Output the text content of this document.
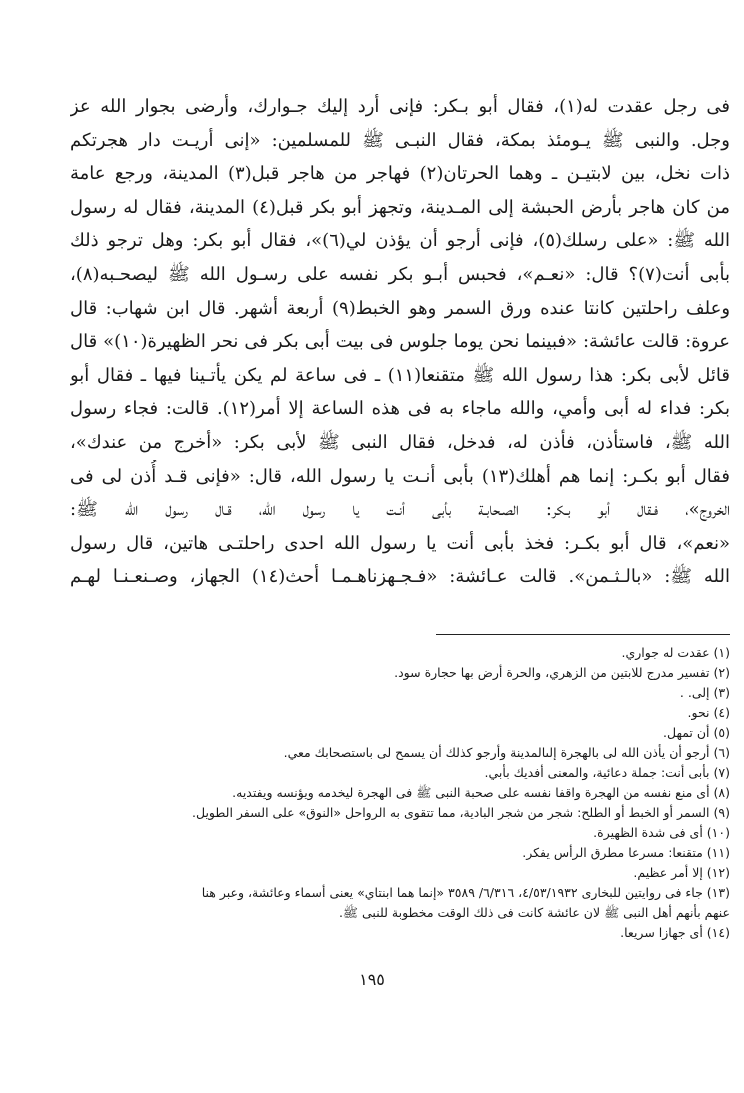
فى رجل عقدت له(١)، فقال أبو بـكر: فإنى أرد إليك جـوارك، وأرضى بجوار الله عز
وجل. والنبى ﷺ يـومئذ بمكة، فقال النبـى ﷺ للمسلمين: «إنى أريـت دار هجرتكم
ذات نخل، بين لابتيـن ـ وهما الحرتان(٢) فهاجر من هاجر قبل(٣) المدينة، ورجع عامة
من كان هاجر بأرض الحبشة إلى المـدينة، وتجهز أبو بكر قبل(٤) المدينة، فقال له رسول
الله ﷺ: «على رسلك(٥)، فإنى أرجو أن يؤذن لي(٦)»، فقال أبو بكر: وهل ترجو ذلك
بأبى أنت(٧)؟ قال: «نعـم»، فحبس أبـو بكر نفسه على رسـول الله ﷺ ليصحـبه(٨)،
وعلف راحلتين كانتا عنده ورق السمر وهو الخبط(٩) أربعة أشهر. قال ابن شهاب: قال
عروة: قالت عائشة: «فبينما نحن يوما جلوس فى بيت أبى بكر فى نحر الظهيرة(١٠)» قال
قائل لأبى بكر: هذا رسول الله ﷺ متقنعا(١١) ـ فى ساعة لم يكن يأتـينا فيها ـ فقال أبو
بكر: فداء له أبى وأمي، والله ماجاء به فى هذه الساعة إلا أمر(١٢). قالت: فجاء رسول
الله ﷺ، فاستأذن، فأذن له، فدخل، فقال النبى ﷺ لأبى بكر: «أخرج من عندك»،
فقال أبو بكـر: إنما هم أهلك(١٣) بأبى أنـت يا رسول الله، قال: «فإنى قـد أُذن لى فى
الخروج»، فـقال أبو بـكر: الصـحابـة بأبى أنـت يا رسول الله، قـال رسول الله ﷺ:
«نعم»، قال أبو بكـر: فخذ بأبى أنت يا رسول الله احدى راحلتـى هاتين، قال رسول
الله ﷺ: «بالـثـمن». قالت عـائشة: «فـجـهزناهـمـا أحث(١٤) الجهاز، وصـنعـنـا لهـم
(١) عقدت له جواري.
(٢) تفسير مدرج للابتين من الزهري، والحرة أرض بها حجارة سود.
(٣) إلى. .
(٤) نحو.
(٥) أن تمهل.
(٦) أرجو أن يأذن الله لى بالهجرة إلىالمدينة وأرجو كذلك أن يسمح لى باستصحابك معي.
(٧) بأبى أنت: جملة دعائية، والمعنى أفديك بأبي.
(٨) أى منع نفسه من الهجرة واقفا نفسه على صحبة النبى ﷺ فى الهجرة ليخدمه ويؤنسه ويفتديه.
(٩) السمر أو الخبط أو الطلح: شجر من شجر البادية، مما تتقوى به الرواحل «النوق» على السفر الطويل.
(١٠) أى فى شدة الظهيرة.
(١١) متقنعا: مسرعا مطرق الرأس يفكر.
(١٢) إلا أمر عظيم.
(١٣) جاء فى روايتين للبخارى ٤/٥٣/١٩٣٢، ٦/٣١٦/ ٣٥٨٩ «إنما هما ابنتاي» يعنى أسماء وعائشة، وعبر هنا
عنهم بأنهم أهل النبى ﷺ لان عائشة كانت فى ذلك الوقت مخطوبة للنبى ﷺ.
(١٤) أى جهازا سريعا.
١٩٥
